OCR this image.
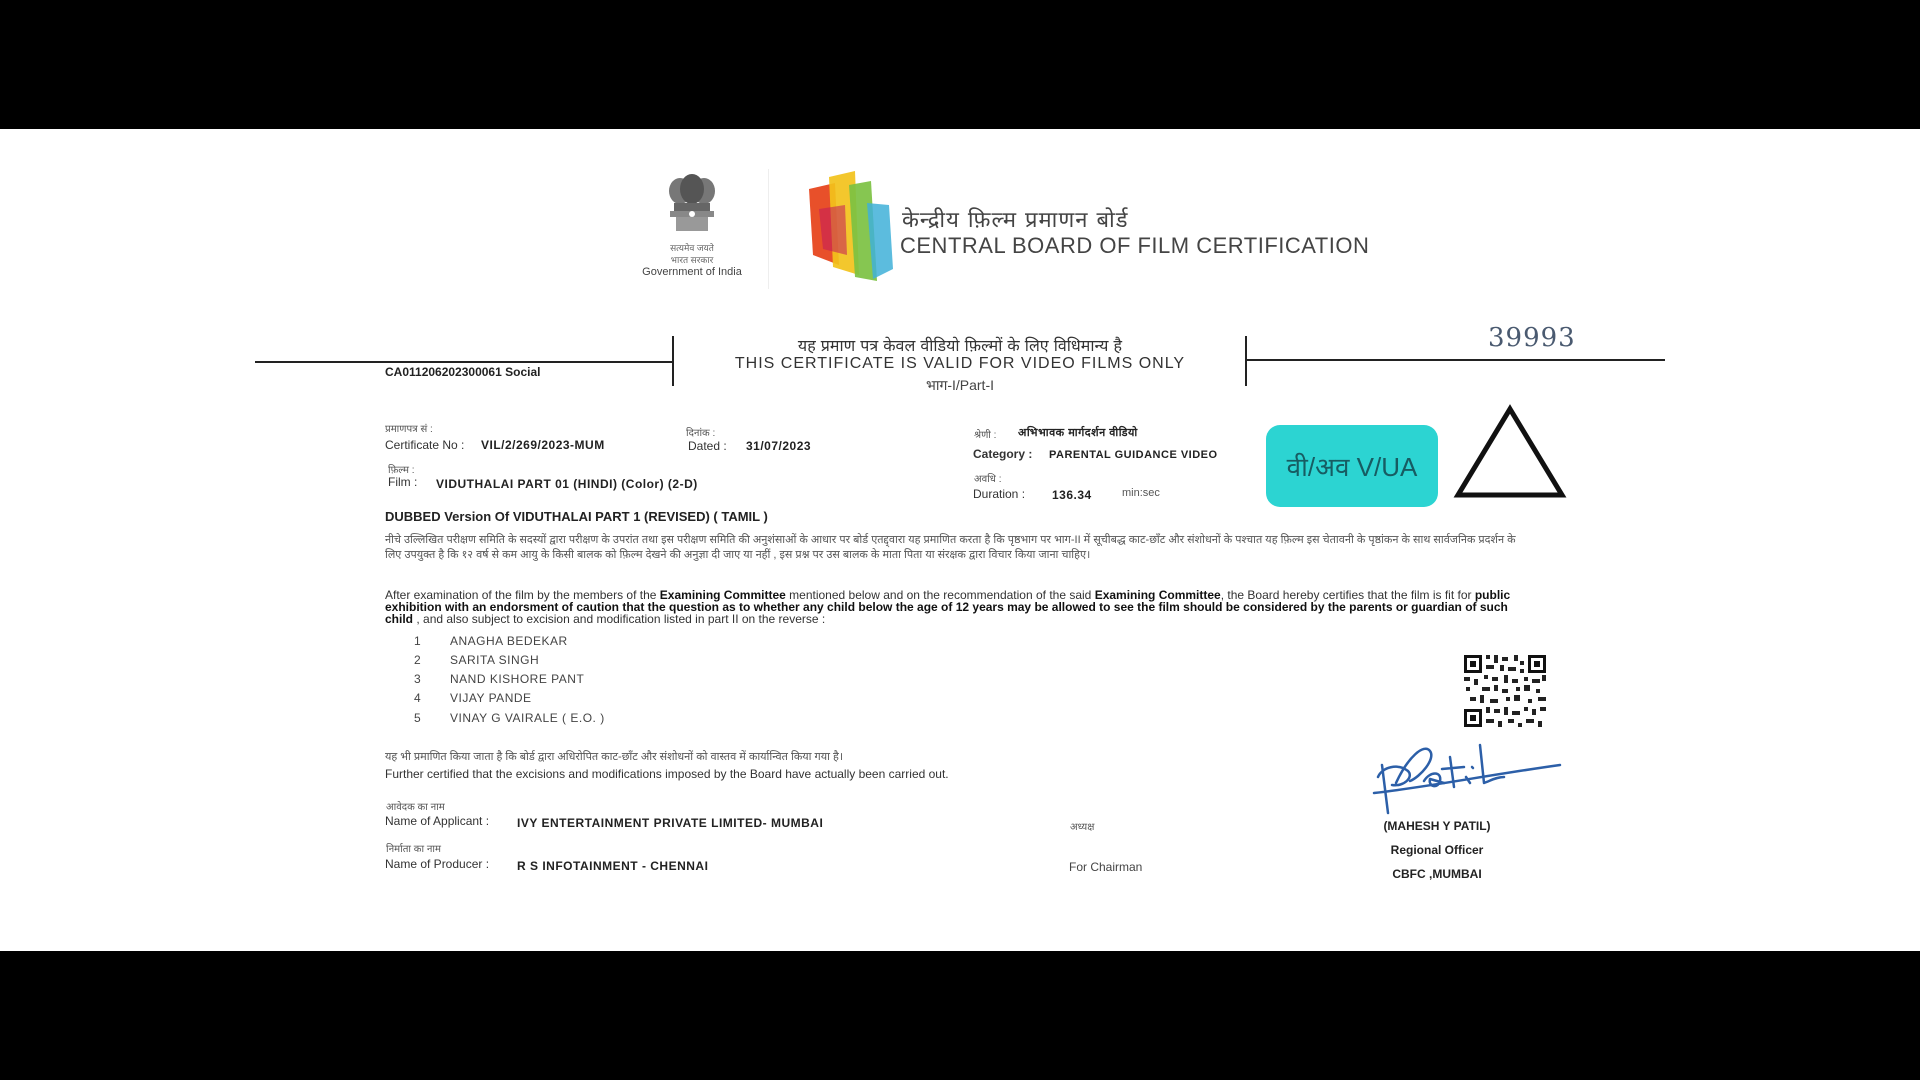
सत्यमेव जयते
भारत सरकार
Government of India
केन्द्रीय फ़िल्म प्रमाणन बोर्ड
CENTRAL BOARD OF FILM CERTIFICATION
यह प्रमाण पत्र केवल वीडियो फ़िल्मों के लिए विधिमान्य है
THIS CERTIFICATE IS VALID FOR VIDEO FILMS ONLY
भाग-I/Part-I
39993
CA011206202300061 Social
प्रमाणपत्र सं :
Certificate No : VIL/2/269/2023-MUM
दिनांक :
Dated : 31/07/2023
फ़िल्म :
Film : VIDUTHALAI PART 01 (HINDI) (Color) (2-D)
श्रेणी : अभिभावक मार्गदर्शन वीडियो
Category : PARENTAL GUIDANCE VIDEO
अवधि :
Duration : 136.34	min:sec
वी/अव V/UA
DUBBED Version Of VIDUTHALAI PART 1 (REVISED) ( TAMIL )
नीचे उल्लिखित परीक्षण समिति के सदस्यों द्वारा परीक्षण के उपरांत तथा इस परीक्षण समिति की अनुशंसाओं के आधार पर बोर्ड एतद्द्वारा यह प्रमाणित करता है कि पृष्ठभाग पर भाग-II में सूचीबद्ध काट-छाँट और संशोधनों के पश्चात यह फ़िल्म इस चेतावनी के पृष्ठांकन के साथ सार्वजनिक प्रदर्शन के लिए उपयुक्त है कि १२ वर्ष से कम आयु के किसी बालक को फ़िल्म देखने की अनुज्ञा दी जाए या नहीं , इस प्रश्न पर उस बालक के माता पिता या संरक्षक द्वारा विचार किया जाना चाहिए।
After examination of the film by the members of the Examining Committee mentioned below and on the recommendation of the said Examining Committee, the Board hereby certifies that the film is fit for public exhibition with an endorsment of caution that the question as to whether any child below the age of 12 years may be allowed to see the film should be considered by the parents or guardian of such child , and also subject to excision and modification listed in part II on the reverse :
1 ANAGHA BEDEKAR
2 SARITA SINGH
3 NAND KISHORE PANT
4 VIJAY PANDE
5 VINAY G VAIRALE ( E.O. )
यह भी प्रमाणित किया जाता है कि बोर्ड द्वारा अधिरोपित काट-छाँट और संशोधनों को वास्तव में कार्यान्वित किया गया है।
Further certified that the excisions and modifications imposed by the Board have actually been carried out.
आवेदक का नाम
Name of Applicant : IVY ENTERTAINMENT PRIVATE LIMITED- MUMBAI
निर्माता का नाम
Name of Producer : R S INFOTAINMENT - CHENNAI
अध्यक्ष
For Chairman
(MAHESH Y PATIL)
Regional Officer
CBFC ,MUMBAI
